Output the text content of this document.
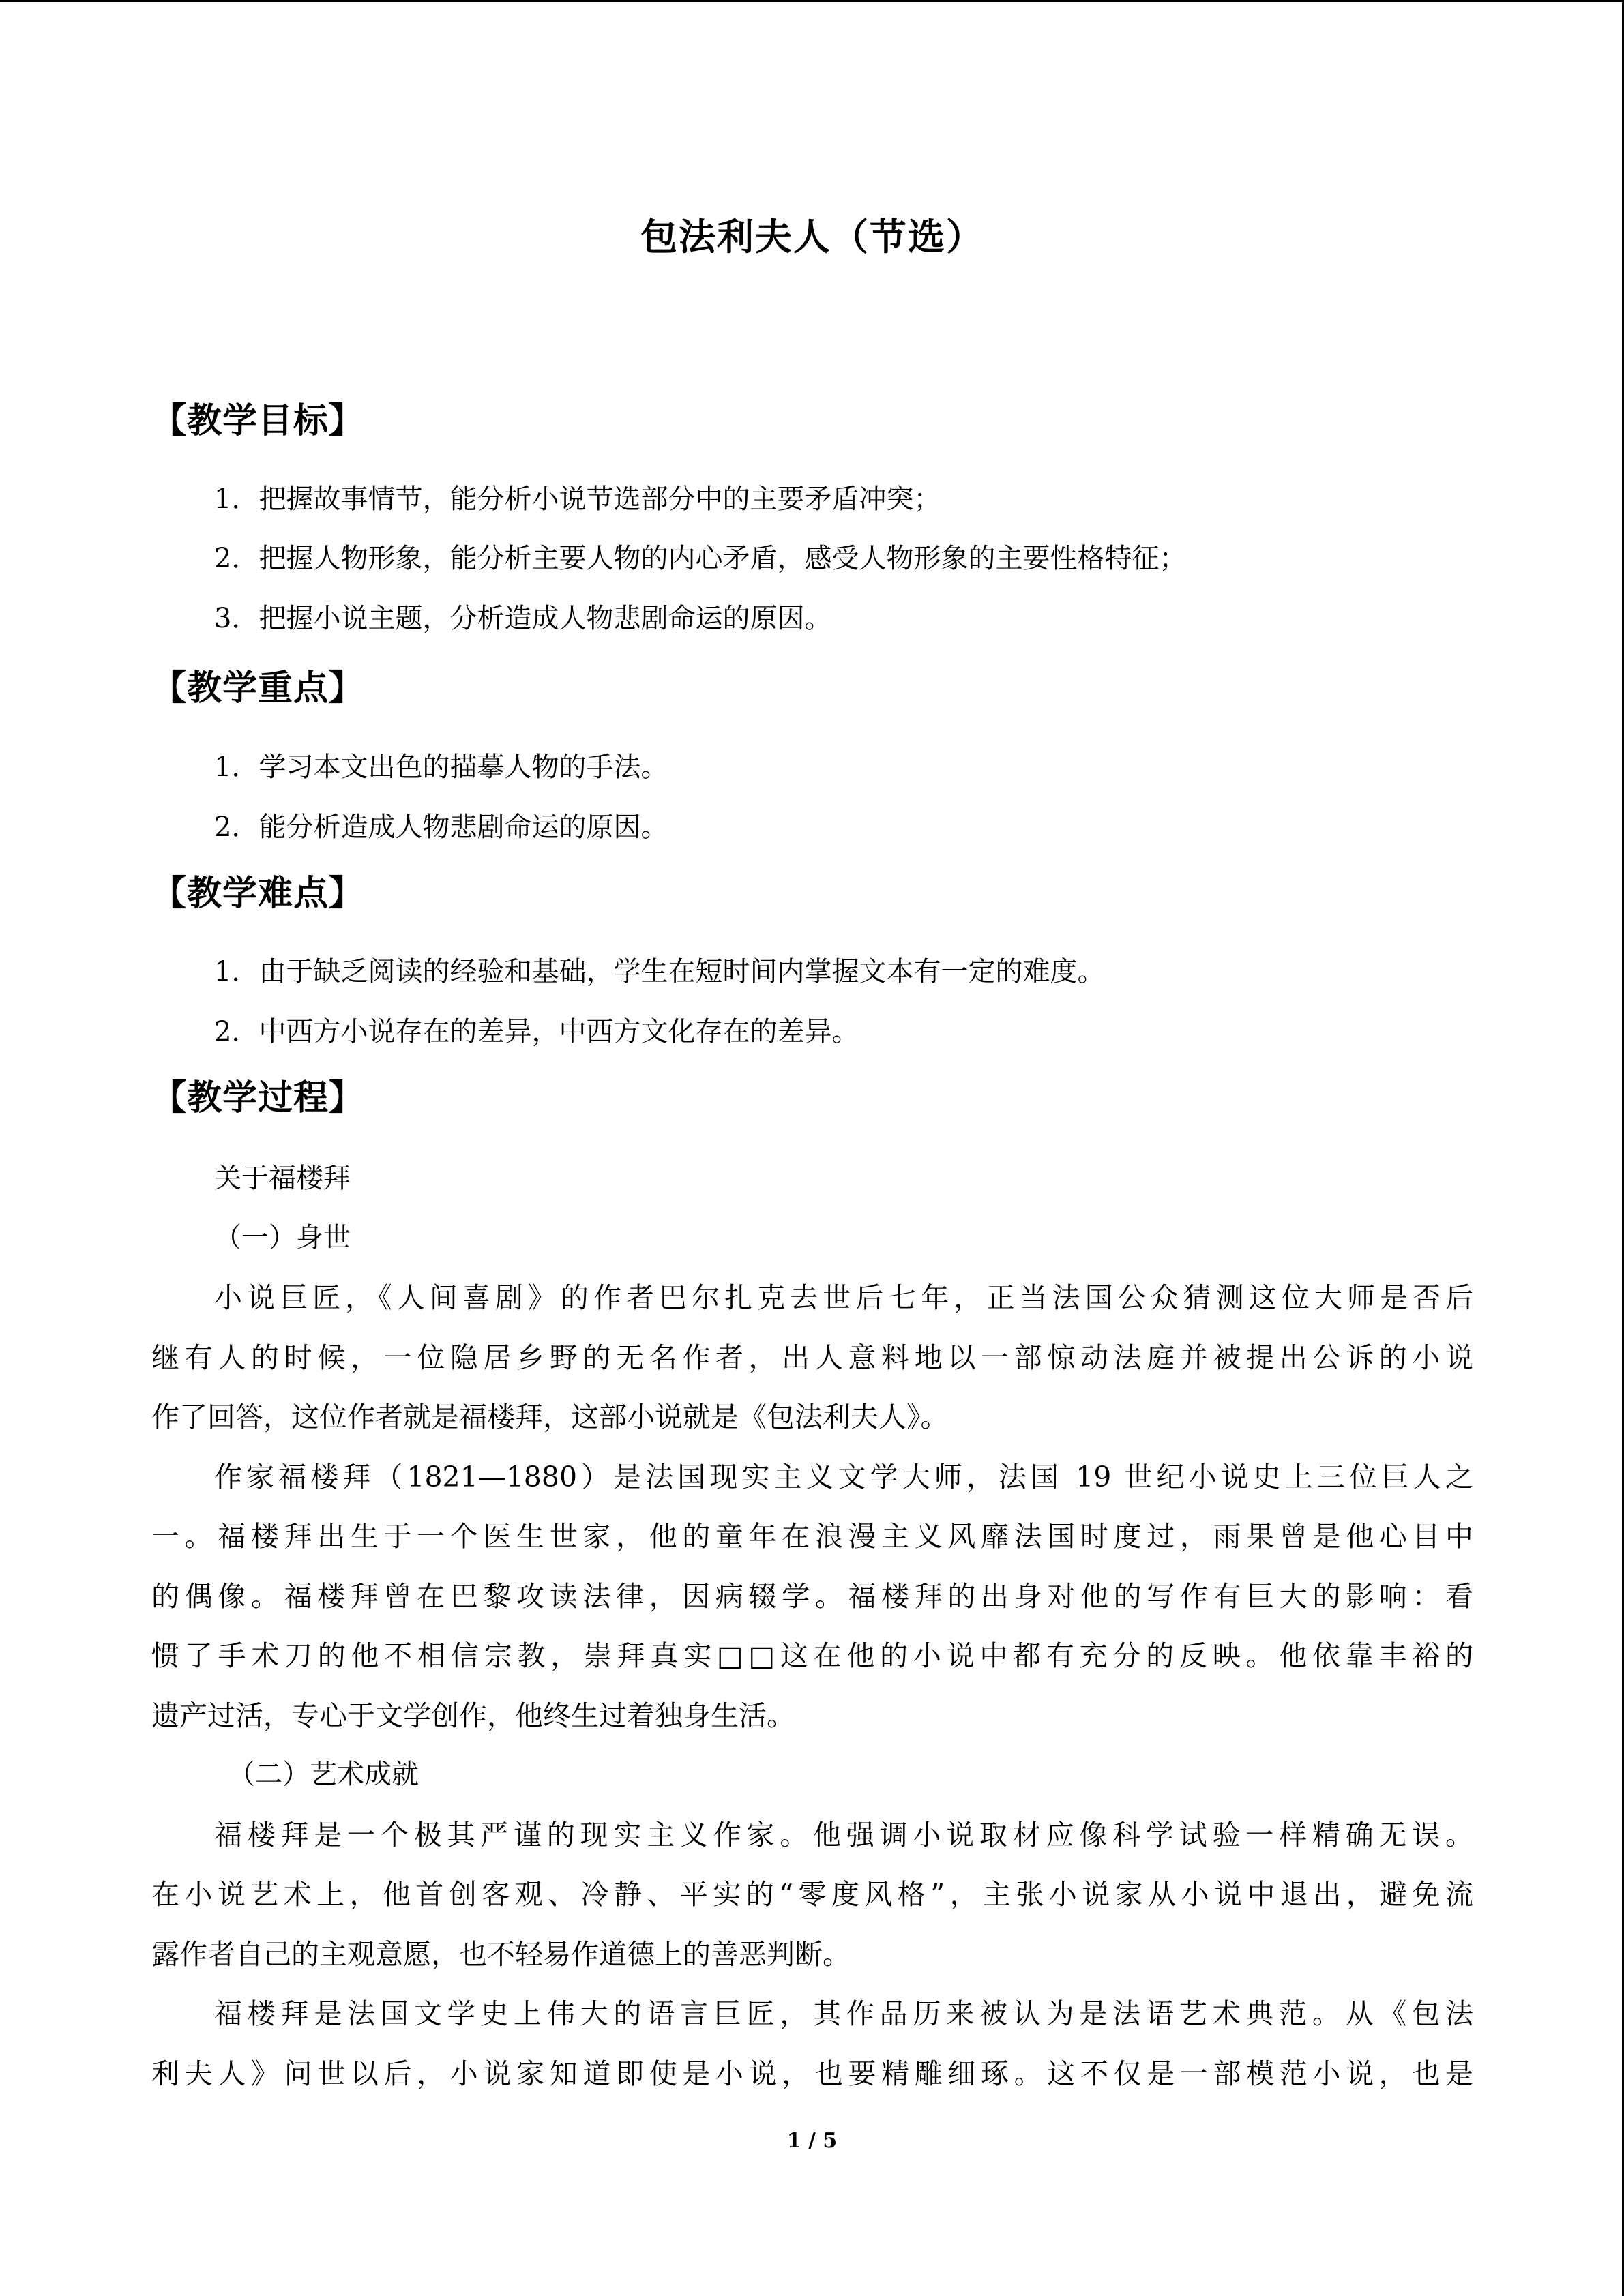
包法利夫人（节选）
【教学目标】
1．把握故事情节，能分析小说节选部分中的主要矛盾冲突；
2．把握人物形象，能分析主要人物的内心矛盾，感受人物形象的主要性格特征；
3．把握小说主题，分析造成人物悲剧命运的原因。
【教学重点】
1．学习本文出色的描摹人物的手法。
2．能分析造成人物悲剧命运的原因。
【教学难点】
1．由于缺乏阅读的经验和基础，学生在短时间内掌握文本有一定的难度。
2．中西方小说存在的差异，中西方文化存在的差异。
【教学过程】
关于福楼拜
（一）身世
小说巨匠，《人间喜剧》的作者巴尔扎克去世后七年，正当法国公众猜测这位大师是否后
继有人的时候，一位隐居乡野的无名作者，出人意料地以一部惊动法庭并被提出公诉的小说
作了回答，这位作者就是福楼拜，这部小说就是《包法利夫人》。
作家福楼拜（1821—1880）是法国现实主义文学大师，法国 19 世纪小说史上三位巨人之
一。福楼拜出生于一个医生世家，他的童年在浪漫主义风靡法国时度过，雨果曾是他心目中
的偶像。福楼拜曾在巴黎攻读法律，因病辍学。福楼拜的出身对他的写作有巨大的影响：看
惯了手术刀的他不相信宗教，崇拜真实□□这在他的小说中都有充分的反映。他依靠丰裕的
遗产过活，专心于文学创作，他终生过着独身生活。
（二）艺术成就
福楼拜是一个极其严谨的现实主义作家。他强调小说取材应像科学试验一样精确无误。
在小说艺术上，他首创客观、冷静、平实的“零度风格”，主张小说家从小说中退出，避免流
露作者自己的主观意愿，也不轻易作道德上的善恶判断。
福楼拜是法国文学史上伟大的语言巨匠，其作品历来被认为是法语艺术典范。从《包法
利夫人》问世以后，小说家知道即使是小说，也要精雕细琢。这不仅是一部模范小说，也是
1 / 5
